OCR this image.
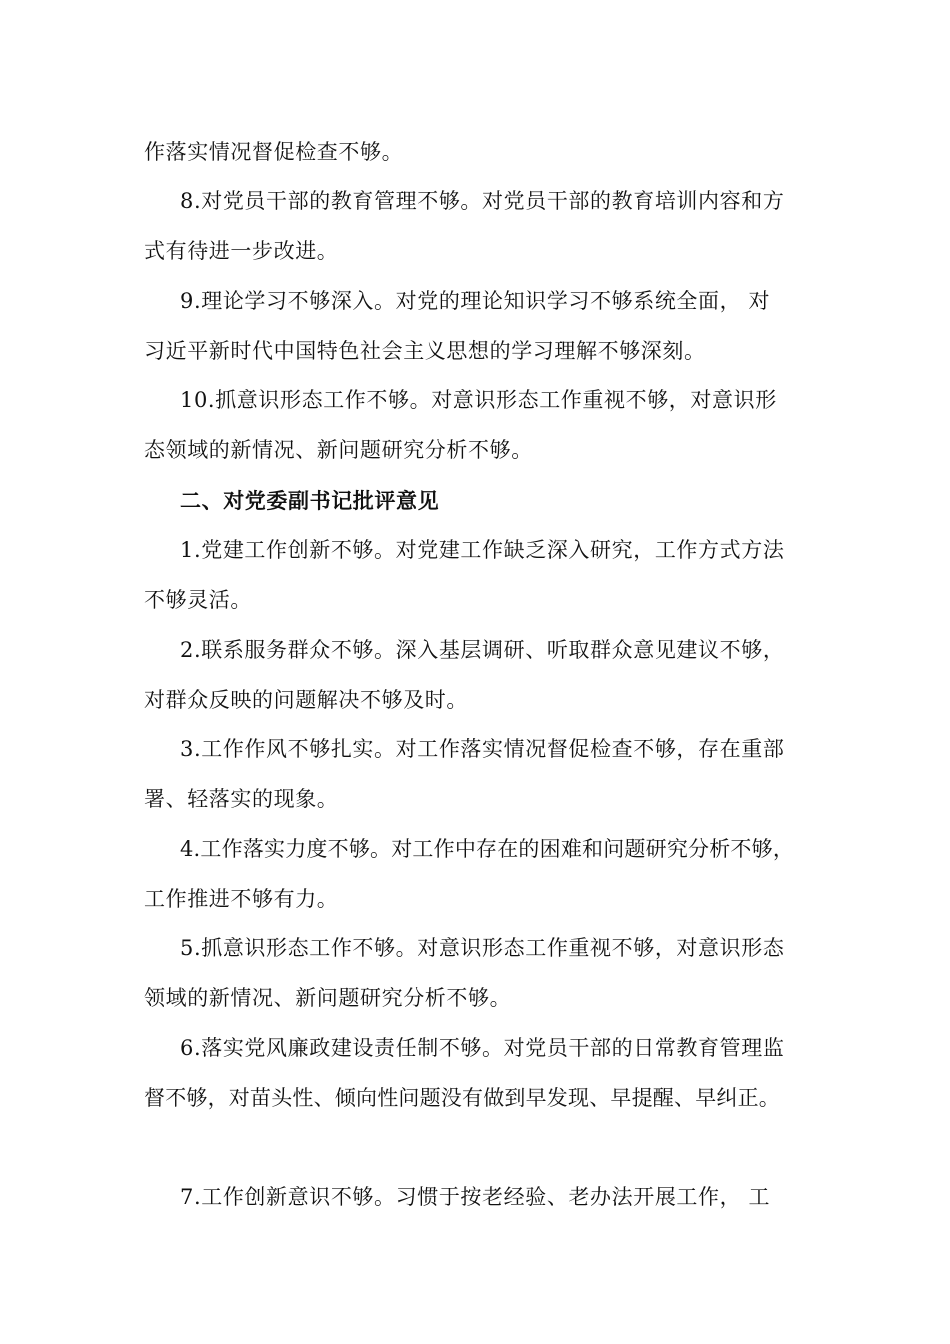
作落实情况督促检查不够。
8.对党员干部的教育管理不够。对党员干部的教育培训内容和方
式有待进一步改进。
9.理论学习不够深入。对党的理论知识学习不够系统全面， 对
习近平新时代中国特色社会主义思想的学习理解不够深刻。
10.抓意识形态工作不够。对意识形态工作重视不够，对意识形
态领域的新情况、新问题研究分析不够。
二、对党委副书记批评意见
1.党建工作创新不够。对党建工作缺乏深入研究，工作方式方法
不够灵活。
2.联系服务群众不够。深入基层调研、听取群众意见建议不够，
对群众反映的问题解决不够及时。
3.工作作风不够扎实。对工作落实情况督促检查不够，存在重部
署、轻落实的现象。
4.工作落实力度不够。对工作中存在的困难和问题研究分析不够，
工作推进不够有力。
5.抓意识形态工作不够。对意识形态工作重视不够，对意识形态
领域的新情况、新问题研究分析不够。
6.落实党风廉政建设责任制不够。对党员干部的日常教育管理监
督不够，对苗头性、倾向性问题没有做到早发现、早提醒、早纠正。
7.工作创新意识不够。习惯于按老经验、老办法开展工作， 工
